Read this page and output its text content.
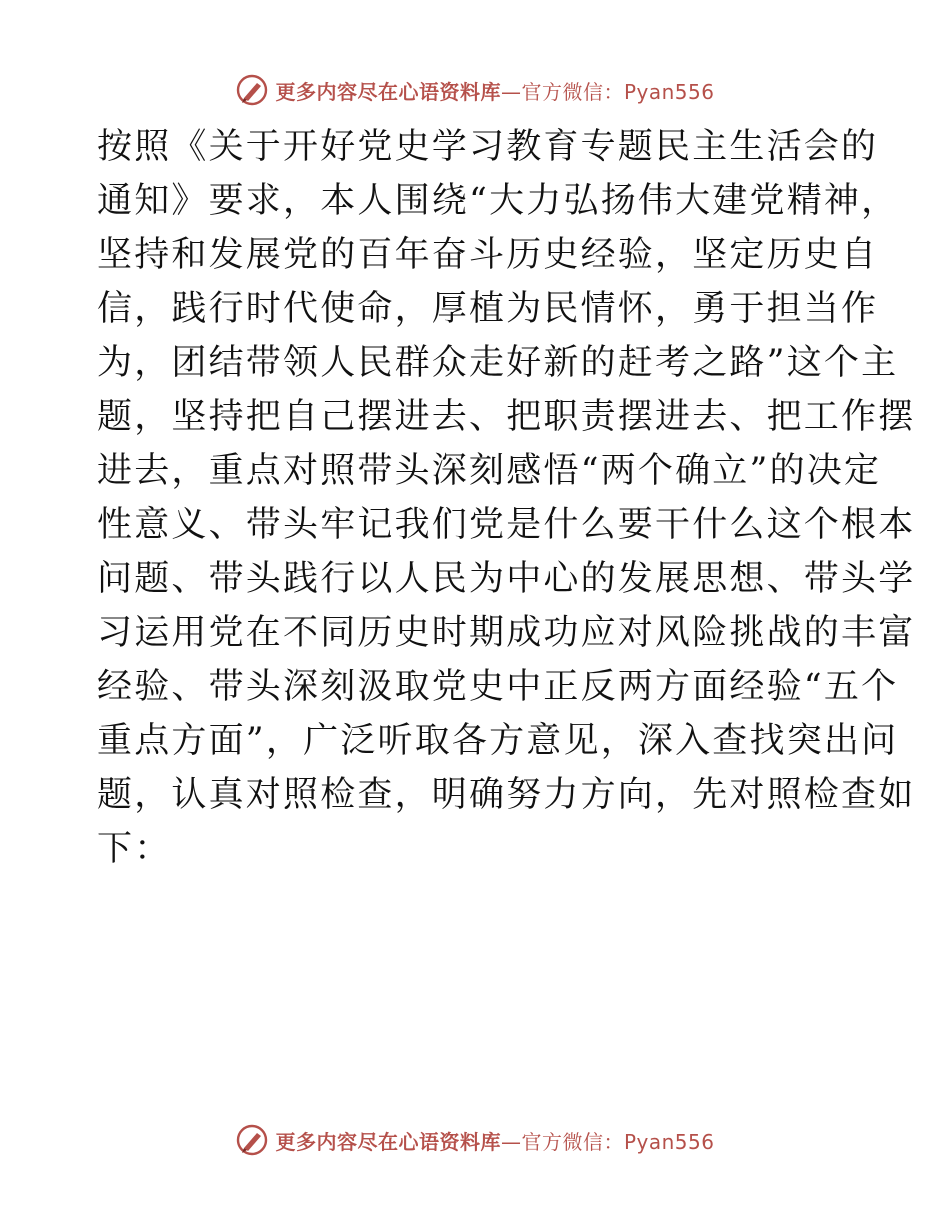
更多内容尽在心语资料库—官方微信：Pyan556
按照《关于开好党史学习教育专题民主生活会的
通知》要求，本人围绕“大力弘扬伟大建党精神，
坚持和发展党的百年奋斗历史经验，坚定历史自
信，践行时代使命，厚植为民情怀，勇于担当作
为，团结带领人民群众走好新的赶考之路”这个主
题，坚持把自己摆进去、把职责摆进去、把工作摆
进去，重点对照带头深刻感悟“两个确立”的决定
性意义、带头牢记我们党是什么要干什么这个根本
问题、带头践行以人民为中心的发展思想、带头学
习运用党在不同历史时期成功应对风险挑战的丰富
经验、带头深刻汲取党史中正反两方面经验“五个
重点方面”，广泛听取各方意见，深入查找突出问
题，认真对照检查，明确努力方向，先对照检查如
下：
更多内容尽在心语资料库—官方微信：Pyan556
